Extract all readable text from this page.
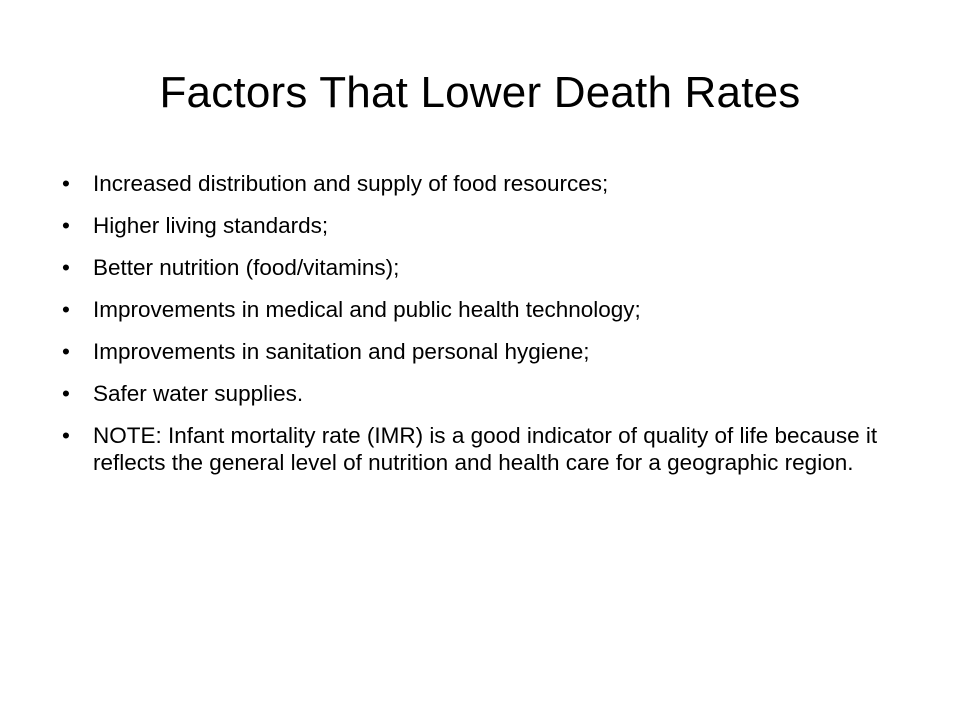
Factors That Lower Death Rates
•	Increased distribution and supply of food resources;
•	Higher living standards;
•	Better nutrition (food/vitamins);
•	Improvements in medical and public health technology;
•	Improvements in sanitation and personal hygiene;
•	Safer water supplies.
•	NOTE: Infant mortality rate (IMR) is a good indicator of quality of life because it reflects the general level of nutrition and health care for a geographic region.
